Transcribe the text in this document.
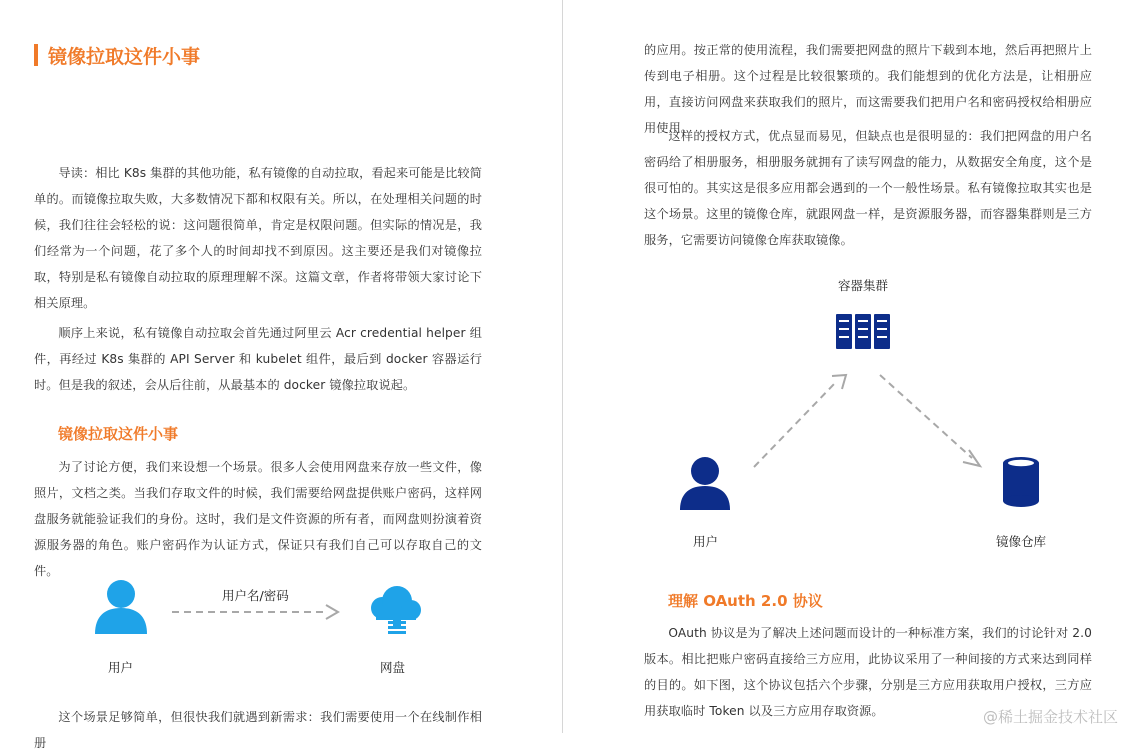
镜像拉取这件小事

导读：相比 K8s 集群的其他功能，私有镜像的自动拉取，看起来可能是比较简单的。而镜像拉取失败，大多数情况下都和权限有关。所以，在处理相关问题的时候，我们往往会轻松的说：这问题很简单，肯定是权限问题。但实际的情况是，我们经常为一个问题，花了多个人的时间却找不到原因。这主要还是我们对镜像拉取，特别是私有镜像自动拉取的原理理解不深。这篇文章，作者将带领大家讨论下相关原理。

顺序上来说，私有镜像自动拉取会首先通过阿里云 Acr credential helper 组件，再经过 K8s 集群的 API Server 和 kubelet 组件，最后到 docker 容器运行时。但是我的叙述，会从后往前，从最基本的 docker 镜像拉取说起。

镜像拉取这件小事

为了讨论方便，我们来设想一个场景。很多人会使用网盘来存放一些文件，像照片，文档之类。当我们存取文件的时候，我们需要给网盘提供账户密码，这样网盘服务就能验证我们的身份。这时，我们是文件资源的所有者，而网盘则扮演着资源服务器的角色。账户密码作为认证方式，保证只有我们自己可以存取自己的文件。

用户
用户名/密码
网盘

这个场景足够简单，但很快我们就遇到新需求：我们需要使用一个在线制作相册

的应用。按正常的使用流程，我们需要把网盘的照片下载到本地，然后再把照片上传到电子相册。这个过程是比较很繁琐的。我们能想到的优化方法是，让相册应用，直接访问网盘来获取我们的照片，而这需要我们把用户名和密码授权给相册应用使用。

这样的授权方式，优点显而易见，但缺点也是很明显的：我们把网盘的用户名密码给了相册服务，相册服务就拥有了读写网盘的能力，从数据安全角度，这个是很可怕的。其实这是很多应用都会遇到的一个一般性场景。私有镜像拉取其实也是这个场景。这里的镜像仓库，就跟网盘一样，是资源服务器，而容器集群则是三方服务，它需要访问镜像仓库获取镜像。

容器集群
用户	镜像仓库
理解 OAuth 2.0 协议

OAuth 协议是为了解决上述问题而设计的一种标准方案，我们的讨论针对 2.0 版本。相比把账户密码直接给三方应用，此协议采用了一种间接的方式来达到同样的目的。如下图，这个协议包括六个步骤，分别是三方应用获取用户授权，三方应用获取临时 Token 以及三方应用存取资源。	@稀土掘金技术社区
